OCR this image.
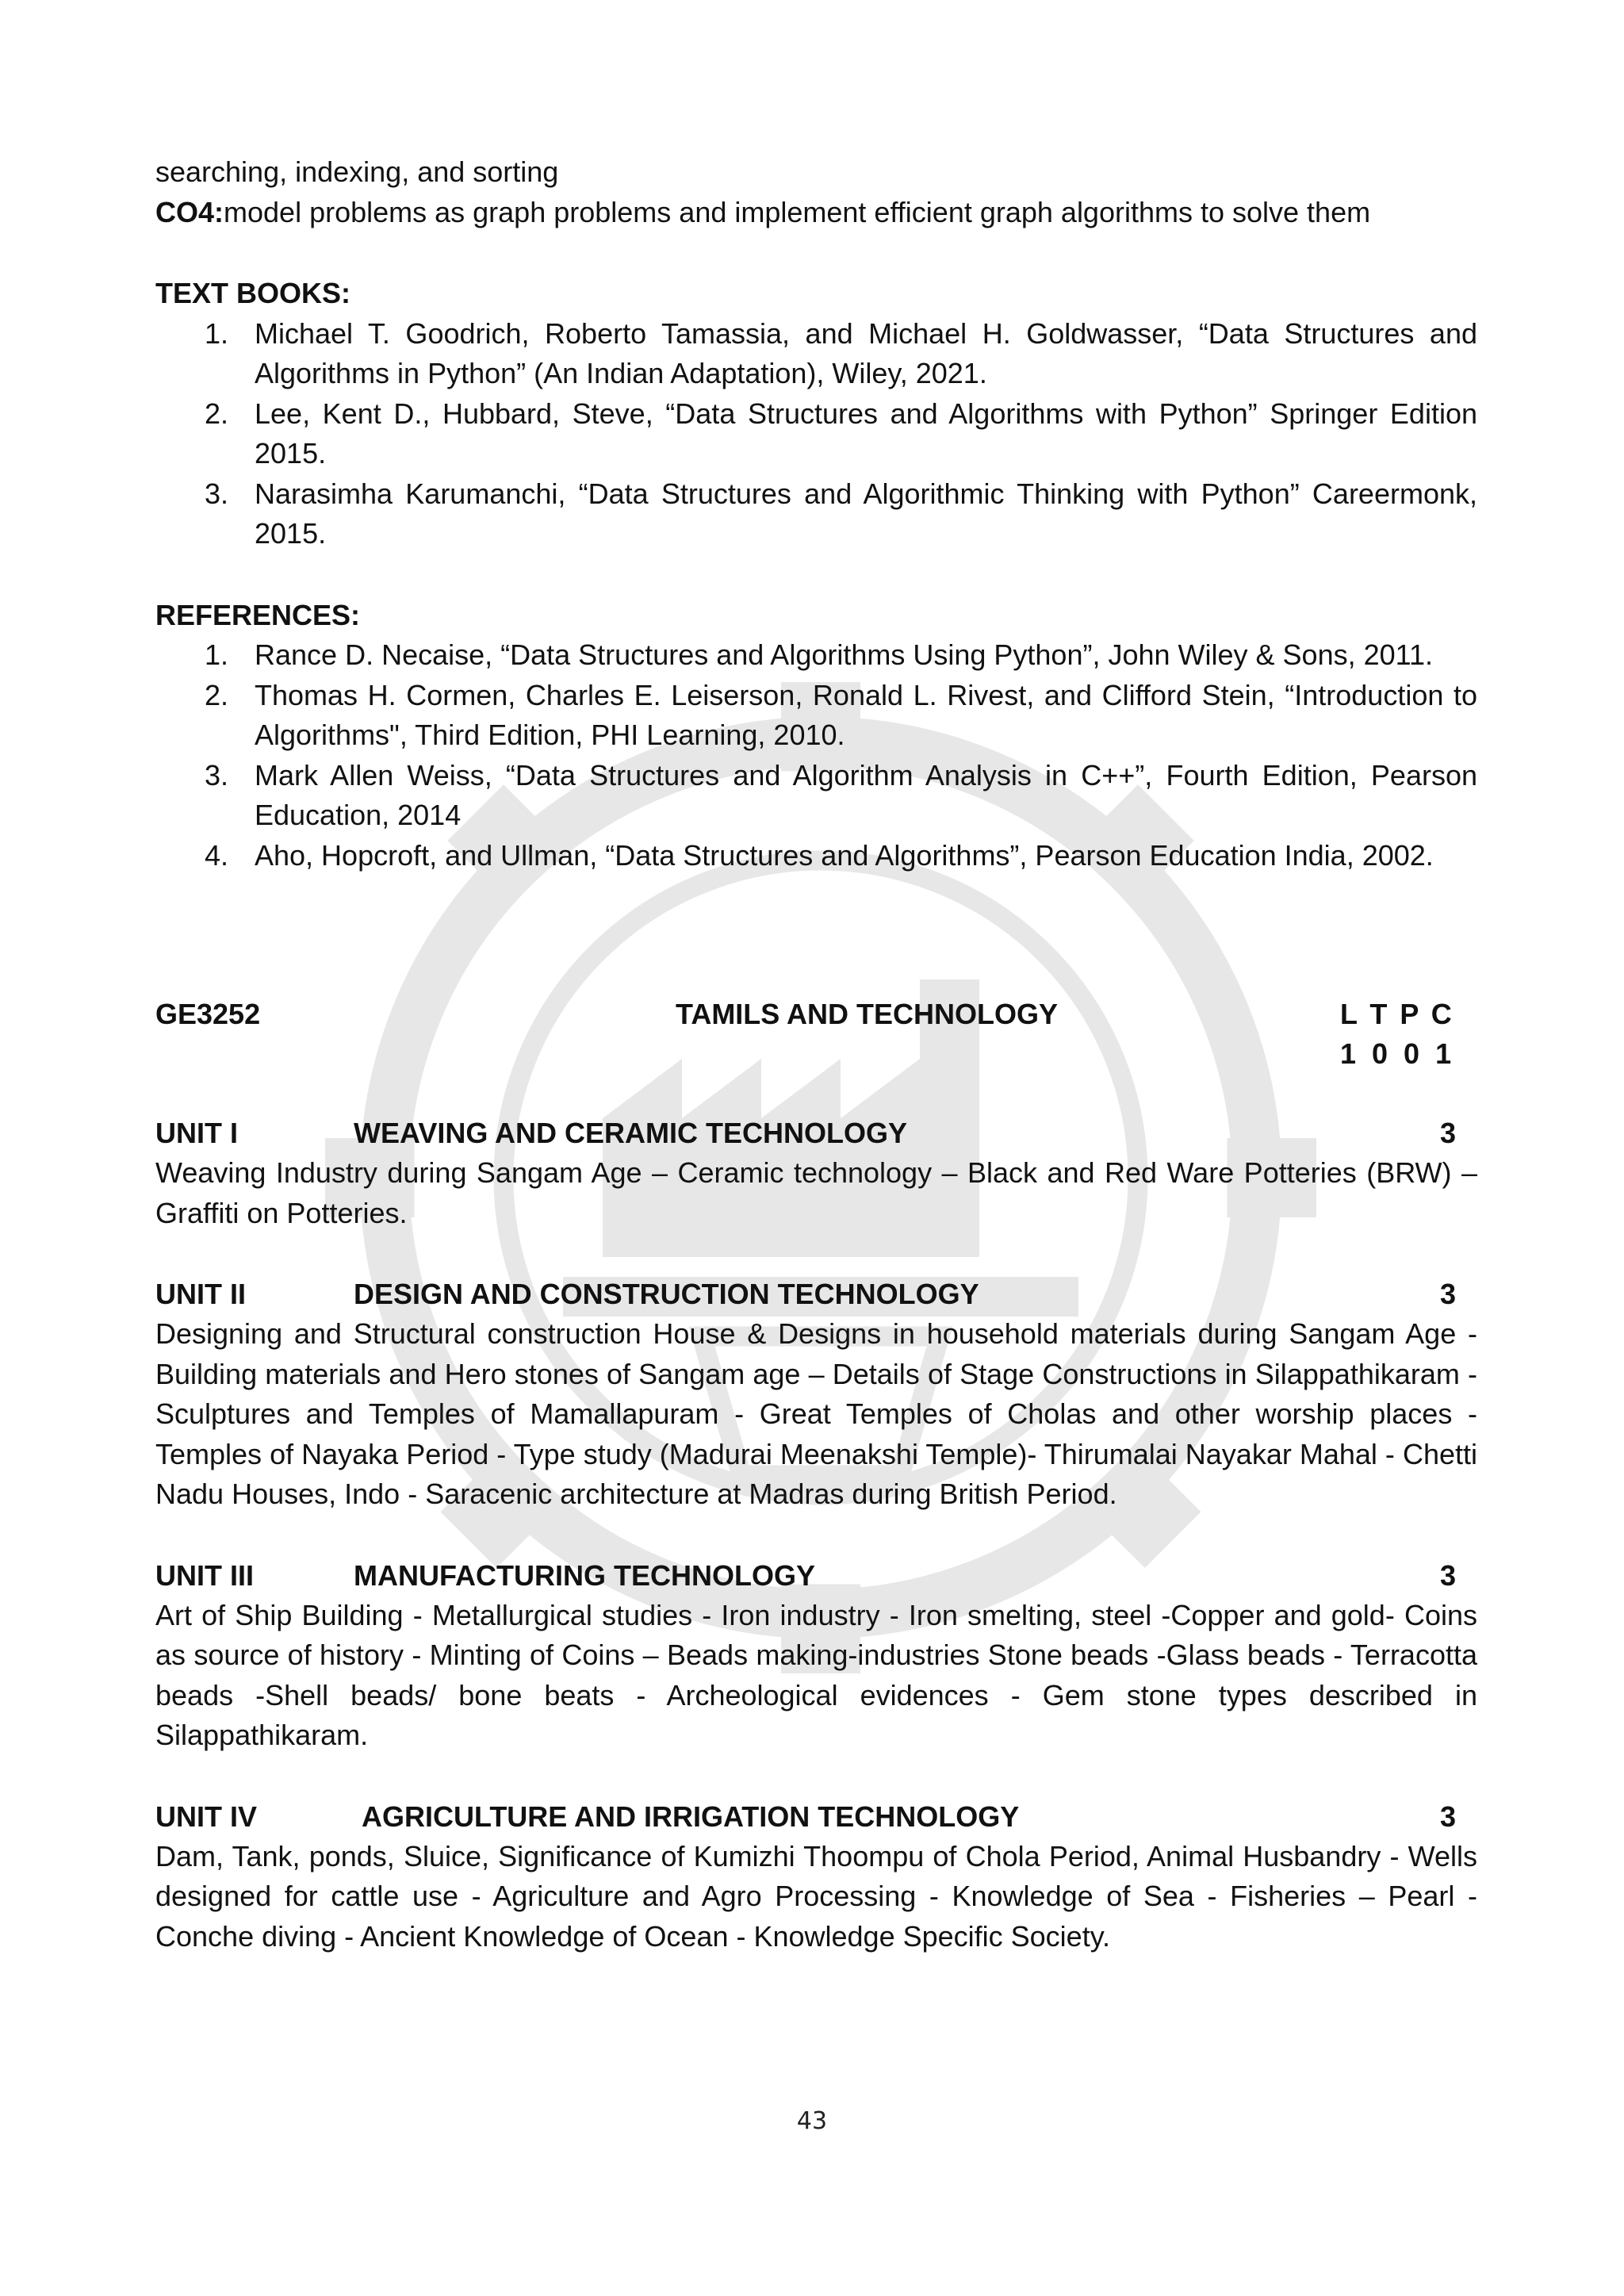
searching, indexing, and sorting

CO4:model problems as graph problems and implement efficient graph algorithms to solve them

TEXT BOOKS:

1. Michael T. Goodrich, Roberto Tamassia, and Michael H. Goldwasser, “Data Structures and Algorithms in Python” (An Indian Adaptation), Wiley, 2021.
2. Lee, Kent D., Hubbard, Steve, “Data Structures and Algorithms with Python” Springer Edition 2015.
3. Narasimha Karumanchi, “Data Structures and Algorithmic Thinking with Python” Careermonk, 2015.

REFERENCES:

1. Rance D. Necaise, “Data Structures and Algorithms Using Python”, John Wiley & Sons, 2011.
2. Thomas H. Cormen, Charles E. Leiserson, Ronald L. Rivest, and Clifford Stein, “Introduction to Algorithms", Third Edition, PHI Learning, 2010.
3. Mark Allen Weiss, “Data Structures and Algorithm Analysis in C++”, Fourth Edition, Pearson Education, 2014
4. Aho, Hopcroft, and Ullman, “Data Structures and Algorithms”, Pearson Education India, 2002.
GE3252	TAMILS AND TECHNOLOGY	L T P C
1 0 0 1
UNIT I	WEAVING AND CERAMIC TECHNOLOGY	3

Weaving Industry during Sangam Age – Ceramic technology – Black and Red Ware Potteries (BRW) – Graffiti on Potteries.

UNIT II	DESIGN AND CONSTRUCTION TECHNOLOGY	3

Designing and Structural construction House & Designs in household materials during Sangam Age - Building materials and Hero stones of Sangam age – Details of Stage Constructions in Silappathikaram - Sculptures and Temples of Mamallapuram - Great Temples of Cholas and other worship places - Temples of Nayaka Period - Type study (Madurai Meenakshi Temple)- Thirumalai Nayakar Mahal - Chetti Nadu Houses, Indo - Saracenic architecture at Madras during British Period.

UNIT III	MANUFACTURING TECHNOLOGY	3

Art of Ship Building - Metallurgical studies - Iron industry - Iron smelting, steel -Copper and gold- Coins as source of history - Minting of Coins – Beads making-industries Stone beads -Glass beads - Terracotta beads -Shell beads/ bone beats - Archeological evidences - Gem stone types described in Silappathikaram.

UNIT IV	AGRICULTURE AND IRRIGATION TECHNOLOGY	3

Dam, Tank, ponds, Sluice, Significance of Kumizhi Thoompu of Chola Period, Animal Husbandry - Wells designed for cattle use - Agriculture and Agro Processing - Knowledge of Sea - Fisheries – Pearl - Conche diving - Ancient Knowledge of Ocean - Knowledge Specific Society.

43
